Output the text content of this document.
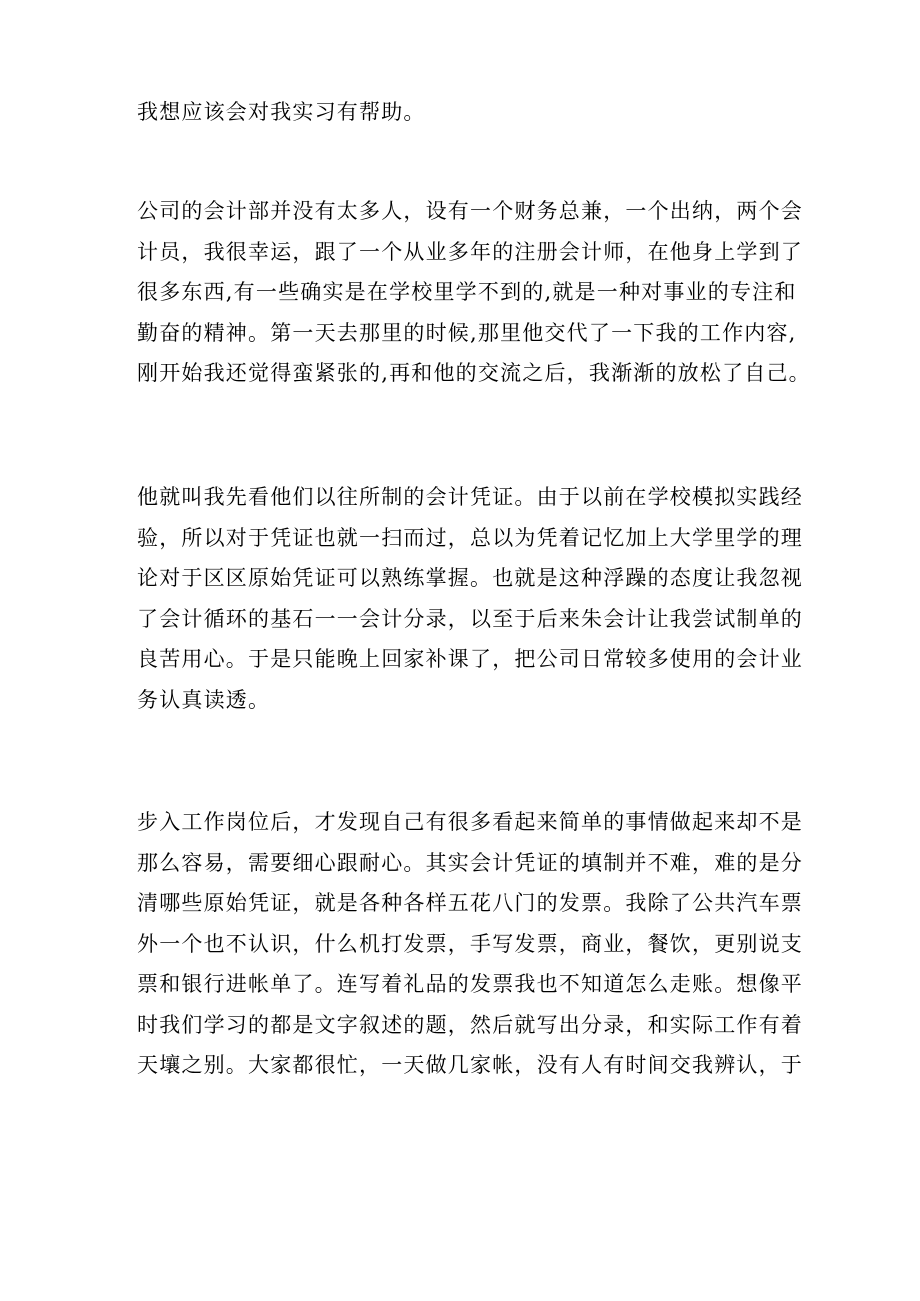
我想应该会对我实习有帮助。

公司的会计部并没有太多人，设有一个财务总兼，一个出纳，两个会
计员，我很幸运，跟了一个从业多年的注册会计师，在他身上学到了
很多东西,有一些确实是在学校里学不到的,就是一种对事业的专注和
勤奋的精神。第一天去那里的时候,那里他交代了一下我的工作内容,
刚开始我还觉得蛮紧张的,再和他的交流之后，我渐渐的放松了自己。

他就叫我先看他们以往所制的会计凭证。由于以前在学校模拟实践经
验，所以对于凭证也就一扫而过，总以为凭着记忆加上大学里学的理
论对于区区原始凭证可以熟练掌握。也就是这种浮躁的态度让我忽视
了会计循环的基石一一会计分录，以至于后来朱会计让我尝试制单的
良苦用心。于是只能晚上回家补课了，把公司日常较多使用的会计业
务认真读透。

步入工作岗位后，才发现自己有很多看起来简单的事情做起来却不是
那么容易，需要细心跟耐心。其实会计凭证的填制并不难，难的是分
清哪些原始凭证，就是各种各样五花八门的发票。我除了公共汽车票
外一个也不认识，什么机打发票，手写发票，商业，餐饮，更别说支
票和银行进帐单了。连写着礼品的发票我也不知道怎么走账。想像平
时我们学习的都是文字叙述的题，然后就写出分录，和实际工作有着
天壤之别。大家都很忙，一天做几家帐，没有人有时间交我辨认，于
